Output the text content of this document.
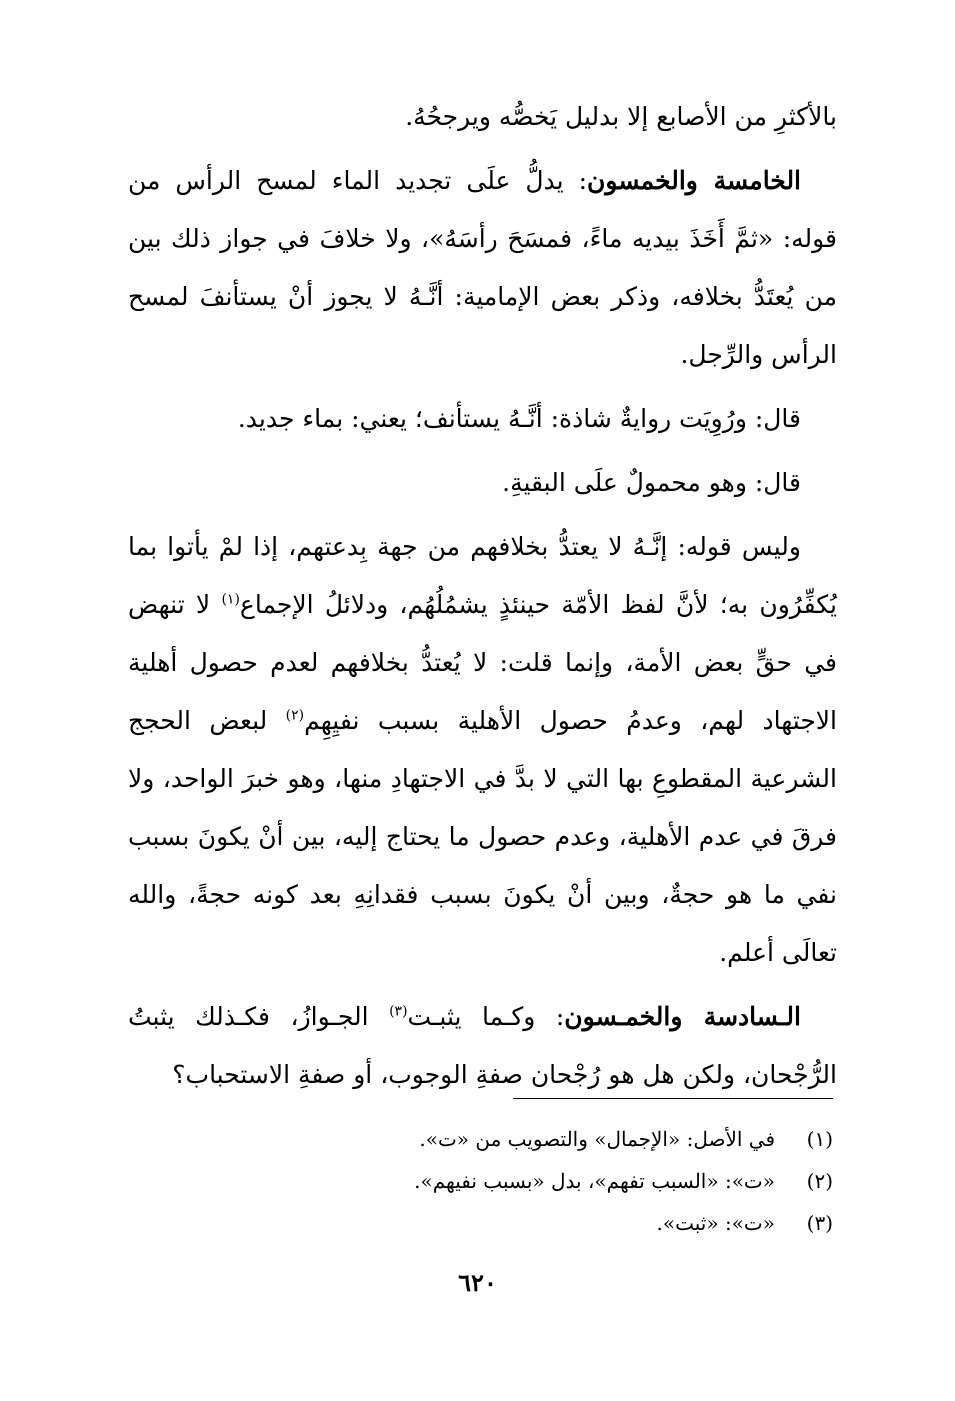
بالأكثرِ من الأصابع إلا بدليل يَخصُّه ويرجحُهُ.

الخامسة والخمسون: يدلُّ علَى تجديد الماء لمسح الرأس من قوله: «ثمَّ أَخَذَ بيديه ماءً، فمسَحَ رأسَهُ»، ولا خلافَ في جواز ذلك بين من يُعتَدُّ بخلافه، وذكر بعض الإمامية: أنَّـهُ لا يجوز أنْ يستأنفَ لمسح الرأس والرِّجل.

قال: ورُوِيَت روايةٌ شاذة: أنَّـهُ يستأنف؛ يعني: بماء جديد.

قال: وهو محمولٌ علَى البقيةِ.

وليس قوله: إنَّـهُ لا يعتدُّ بخلافهم من جهة بِدعتهم، إذا لمْ يأتوا بما يُكفِّرُون به؛ لأنَّ لفظ الأمّة حينئذٍ يشمُلُهُم، ودلائلُ الإجماع$^{(١)}$ لا تنهض في حقٍّ بعض الأمة، وإنما قلت: لا يُعتدُّ بخلافهم لعدم حصول أهلية الاجتهاد لهم، وعدمُ حصول الأهلية بسبب نفيِهِم$^{(٢)}$ لبعض الحجج الشرعية المقطوعِ بها التي لا بدَّ في الاجتهادِ منها، وهو خبرَ الواحد، ولا فرقَ في عدم الأهلية، وعدم حصول ما يحتاج إليه، بين أنْ يكونَ بسبب نفي ما هو حجةٌ، وبين أنْ يكونَ بسبب فقدانِهِ بعد كونه حجةً، والله تعالَى أعلم.

الـسادسة والخمـسون: وكـما يثبـت$^{(٣)}$ الجـوازُ، فكـذلك يثبتُ الرُّجْحان، ولكن هل هو رُجْحان صفةِ الوجوب، أو صفةِ الاستحباب؟

(١)
في الأصل: «الإجمال» والتصويب من «ت».
(٢)
«ت»: «السبب تفهم»، بدل «بسبب نفيهم».
(٣)
«ت»: «ثبت».
٦٢٠
